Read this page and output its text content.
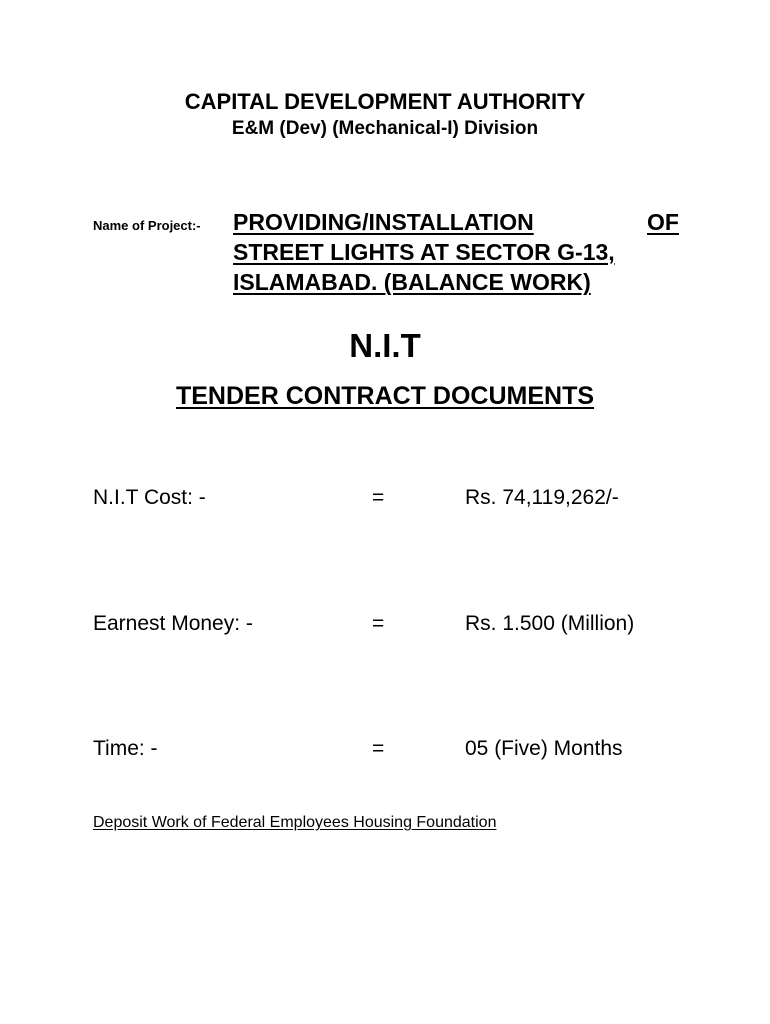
CAPITAL DEVELOPMENT AUTHORITY
E&M (Dev) (Mechanical-I) Division
Name of Project:- PROVIDING/INSTALLATION	OF
STREET LIGHTS AT SECTOR G-13,
ISLAMABAD. (BALANCE WORK)
N.I.T
TENDER CONTRACT DOCUMENTS
N.I.T Cost: -	=	Rs. 74,119,262/-
Earnest Money: -	=	Rs. 1.500 (Million)
Time: -	=	05 (Five) Months
Deposit Work of Federal Employees Housing Foundation
